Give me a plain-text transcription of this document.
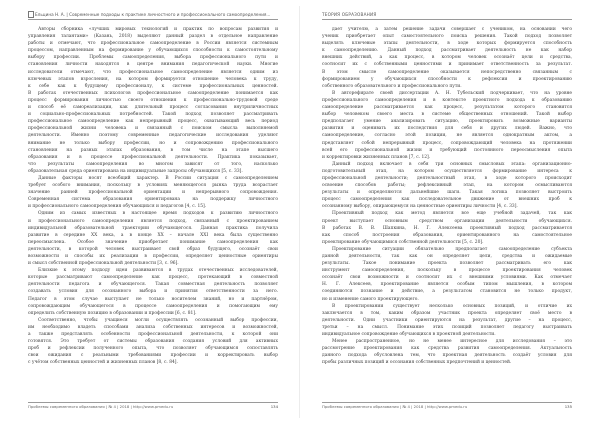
Ельцина Н. А. | Современные подходы к практике личностного и профессионального самоопределения...
Авторы сборника «лучших мировых технологий и практик по вопросам развития и
управления талантами» (Казань, 2018) выделяют данный раздел в отдельное направление
работы и отмечают, что профессиональное самоопределение в России является системным
процессом, направленным на формирование у обучающихся способности к самостоятельному
выбору профессии. Проблемы самоопределения, выбора профессионального пути и
становления личности находятся в центре внимания педагогической науки. Многие
исследователи отмечают, что профессиональное самоопределение является одним из
ключевых этапов взросления, на котором формируется отношение человека к труду,
к себе как к будущему профессионалу, к системе профессиональных ценностей.
В работах отечественных психологов профессиональное самоопределение понимается как
процесс формирования личностью своего отношения к профессионально-трудовой среде
и способ её самореализации, как длительный процесс согласования внутриличностных
и социально-профессиональных потребностей. Такой подход позволяет рассматривать
профессиональное самоопределение как непрерывный процесс, охватывающий весь период
профессиональной жизни человека и связанный с поиском смысла выполняемой
деятельности. Именно поэтому современные педагогические исследования уделяют
внимание не только выбору профессии, но и сопровождению профессионального
становления на разных этапах образования, в том числе на этапе высшего
образования и в процессе профессиональной деятельности. Практика показывает,
что результаты самоопределения во многом зависят от того, насколько
образовательная среда ориентирована на индивидуальные запросы обучающихся [5, с. 33].
Данные факторы носят всеобщий характер. В России ситуация с самоопределением
требует особого внимания, поскольку в условиях меняющегося рынка труда возрастает
значение ранней профессиональной ориентации и непрерывного сопровождения.
Современная система образования ориентирована на поддержку личностного
и профессионального самоопределения обучающихся и педагогов [4, с. 15].
Одним из самых известных в настоящее время подходов к развитию личностного
и профессионального самоопределения является подход, связанный с проектированием
индивидуальной образовательной траектории обучающегося. Данная практика получила
развитие в середине XX века, а в конце XX – начале XXI века была существенно
переосмыслена. Особое значение приобретает понимание самоопределения как
деятельности, в которой человек выстраивает свой образ будущего, осознаёт свои
возможности и способы их реализации в профессии, определяет ценностные ориентиры
и смысл собственной профессиональной деятельности [3, с. 96].
Близкие к этому подходу идеи развиваются в трудах отечественных исследователей,
которые рассматривают самоопределение как процесс, протекающий в совместной
деятельности педагога и обучающегося. Такая совместная деятельность позволяет
создавать условия для осознанного выбора и принятия ответственности за него.
Педагог в этом случае выступает не только носителем знаний, но и партнёром,
сопровождающим обучающегося в процессе самоопределения и помогающим ему
определить собственную позицию в образовании и профессии [6, с. 81].
Соответственно, чтобы учащиеся могли осуществлять осознанный выбор профессии,
им необходимо владеть способами анализа собственных интересов и возможностей,
а также представлять особенности профессиональной деятельности, к которой они
готовятся. Это требует от системы образования создания условий для активных
проб и рефлексии полученного опыта, что позволяет обучающимся сопоставлять
свои ожидания с реальными требованиями профессии и корректировать выбор
с учётом собственных ценностей и жизненных планов [8, с. 84].
Проблемы современного образования | № 4 | 2018 | http://www.pmedu.ru	134
ТЕОРИЯ ОБРАЗОВАНИЯ
дает учителю, а затем решение задачи совершает с учеником, на основании чего
ученик приобретает опыт самостоятельного поиска решения. Такой подход позволяет
выделять ключевые этапы деятельности, в ходе которых формируется способность
к самоопределению. Данный подход рассматривает деятельность не как набор
внешних действий, а как процесс, в котором человек осознаёт цели и средства,
соотносит их с собственными ценностями и принимает ответственность за результат.
В этом смысле самоопределение оказывается непосредственно связанным с
формированием у обучающихся способности к рефлексии и проектированию
собственного образовательного и профессионального пути.
В авторефирате своей диссертации А. Н. Тубельский подчеркивает, что на уровне
профессионального самоопределения и в контексте проектного подхода к образованию
самоопределение рассматривается как процесс, результатом которого становится
выбор человеком своего места в системе общественных отношений. Такой выбор
предполагает умение анализировать ситуацию, проектировать возможные варианты
развития и оценивать их последствия для себя и других людей. Важно, что
самоопределение, согласно этой позиции, не является однократным актом, а
представляет собой непрерывный процесс, сопровождающий человека на протяжении
всей его профессиональной жизни и требующий постоянного переосмысления опыта
и корректировки жизненных планов [7, с. 12].
Данный подход включает в себя три основных смысловых этапа: организационно-
подготовительный этап, на котором осуществляется формирование интереса к
профессиональной деятельности; деятельностный этап, в ходе которого происходит
освоение способов работы; рефлексивный этап, на котором осмысливаются
результаты и определяются дальнейшие шаги. Такая логика позволяет выстроить
процесс самоопределения как последовательное движение от внешних проб к
осознанному выбору, опирающемуся на ценностные ориентиры личности [4, с. 33].
Проективный подход как метод является все еще учебной задачей, так как
проект выступает основным средством организации деятельности обучающихся.
В работах В. В. Шапкина, Н. Г. Алексеева проективный подход рассматривается
как способ построения образования, ориентированного на самостоятельное
проектирование обучающимися собственной деятельности [5, с. 20].
Проектирование ситуации обязательно предполагает самоопределение субъекта
данной деятельности, так как он определяет цели, средства и ожидаемые
результаты. Такое понимание проекта позволяет рассматривать его как
инструмент самоопределения, поскольку в процессе проектирования человек
осознаёт свои возможности и соотносит их с внешними условиями. Как отмечает
Н. Г. Алексеев, проектирование является особым типом мышления, в котором
соединяются познание и действие, а результатом становится не только продукт,
но и изменение самого проектирующего.
В проектировании существует несколько основных позиций, и отличие их
заключается в том, каким образом участник проекта определяет своё место в
деятельности. Одни участники ориентируются на результат, другие – на процесс,
третьи – на смысл. Понимание этих позиций позволяет педагогу выстраивать
индивидуальное сопровождение обучающихся в проектной деятельности.
Менее распространенное, но не менее интересное для исследования – это
рассмотрение проектирования как средства развития самоопределения. Актуальность
данного подхода обусловлена тем, что проектная деятельность создаёт условия для
пробы различных позиций и осознания собственных предпочтений и ценностей.
Проблемы современного образования | № 4 | 2018 | http://www.pmedu.ru	135
